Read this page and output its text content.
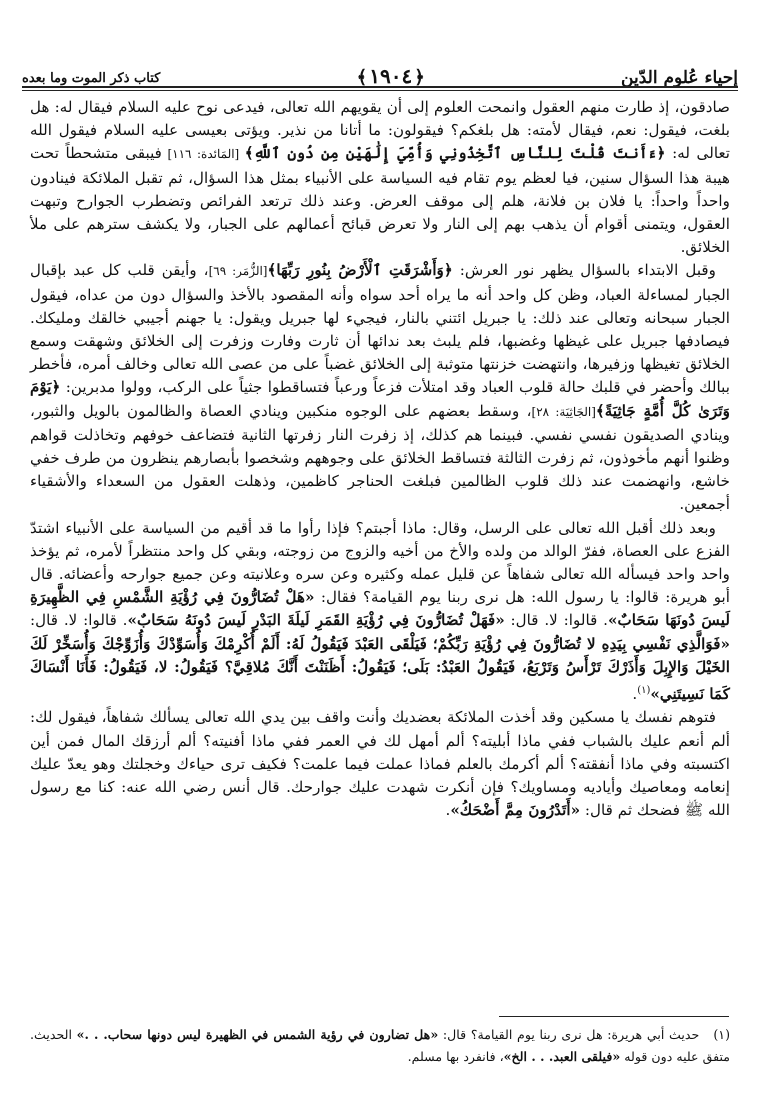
إحياء عُلوم الدّين
﴿١٩٠٤﴾
كتاب ذكر الموت وما بعده

صادقون، إذ طارت منهم العقول وانمحت العلوم إلى أن يقويهم الله تعالى، فيدعى نوح عليه السلام فيقال له: هل بلغت، فيقول: نعم، فيقال لأمته: هل بلغكم؟ فيقولون: ما أتانا من نذير. ويؤتى بعيسى عليه السلام فيقول الله تعالى له: ﴿ءَأَنتَ قُلْتَ لِلنَّاسِ ٱتَّخِذُونِي وَأُمِّيَ إِلَٰهَيْنِ مِن دُونِ ٱللَّهِ﴾ [المَائدة: ١١٦] فيبقى متشحطاً تحت هيبة هذا السؤال سنين، فيا لعظم يوم تقام فيه السياسة على الأنبياء بمثل هذا السؤال، ثم تقبل الملائكة فينادون واحداً واحداً: يا فلان بن فلانة، هلم إلى موقف العرض. وعند ذلك ترتعد الفرائص وتضطرب الجوارح وتبهت العقول، ويتمنى أقوام أن يذهب بهم إلى النار ولا تعرض قبائح أعمالهم على الجبار، ولا يكشف سترهم على ملأ الخلائق.

وقبل الابتداء بالسؤال يظهر نور العرش: ﴿وَأَشْرَقَتِ ٱلْأَرْضُ بِنُورِ رَبِّهَا﴾[الزُّمَر: ٦٩]، وأيقن قلب كل عبد بإقبال الجبار لمساءلة العباد، وظن كل واحد أنه ما يراه أحد سواه وأنه المقصود بالأخذ والسؤال دون من عداه، فيقول الجبار سبحانه وتعالى عند ذلك: يا جبريل ائتني بالنار، فيجيء لها جبريل ويقول: يا جهنم أجيبي خالقك ومليكك. فيصادفها جبريل على غيظها وغضبها، فلم يلبث بعد ندائها أن ثارت وفارت وزفرت إلى الخلائق وشهقت وسمع الخلائق تغيظها وزفيرها، وانتهضت خزنتها متوثبة إلى الخلائق غضباً على من عصى الله تعالى وخالف أمره، فأخطر ببالك وأحضر في قلبك حالة قلوب العباد وقد امتلأت فزعاً ورعباً فتساقطوا جثياً على الركب، وولوا مدبرين: ﴿يَوْمَ وَتَرَىٰ كُلَّ أُمَّةٍ جَاثِيَةً﴾[الجَاثِيَة: ٢٨]، وسقط بعضهم على الوجوه منكبين وينادي العصاة والظالمون بالويل والثبور، وينادي الصديقون نفسي نفسي. فبينما هم كذلك، إذ زفرت النار زفرتها الثانية فتضاعف خوفهم وتخاذلت قواهم وظنوا أنهم مأخوذون، ثم زفرت الثالثة فتساقط الخلائق على وجوههم وشخصوا بأبصارهم ينظرون من طرف خفي خاشع، وانهضمت عند ذلك قلوب الظالمين فبلغت الحناجر كاظمين، وذهلت العقول من السعداء والأشقياء أجمعين.

وبعد ذلك أقبل الله تعالى على الرسل، وقال: ماذا أجبتم؟ فإذا رأوا ما قد أقيم من السياسة على الأنبياء اشتدّ الفزع على العصاة، ففرّ الوالد من ولده والأخ من أخيه والزوج من زوجته، وبقي كل واحد منتظراً لأمره، ثم يؤخذ واحد واحد فيسأله الله تعالى شفاهاً عن قليل عمله وكثيره وعن سره وعلانيته وعن جميع جوارحه وأعضائه. قال أبو هريرة: قالوا: يا رسول الله: هل نرى ربنا يوم القيامة؟ فقال: «هَلْ تُضَارُّونَ فِي رُؤْيَةِ الشَّمْسِ فِي الظَّهِيرَةِ لَيسَ دُونَهَا سَحَابٌ». قالوا: لا. قال: «فَهَلْ تُضَارُّونَ فِي رُؤْيَةِ القَمَرِ لَيلَةَ البَدْرِ لَيسَ دُونَهُ سَحَابٌ». قالوا: لا. قال: «فَوَالَّذِي نَفْسِي بِيَدِهِ لا تُضَارُّونَ فِي رُؤْيَةِ رَبِّكُمْ؛ فَيَلْقَى العَبْدَ فَيَقُولُ لَهُ: أَلَمْ أُكْرِمْكَ وَأُسَوِّدْكَ وَأُزَوِّجْكَ وَأُسَخِّرْ لَكَ الخَيْلَ وَالإِبِلَ وَأَذَرْكَ تَرْأَسُ وَتَرْبَعُ، فَيَقُولُ العَبْدُ: بَلَى؛ فَيَقُولُ: أَظَنَنْتَ أَنَّكَ مُلاقِيَّ؟ فَيَقُولُ: لا، فَيَقُولُ: فَأَنَا أَنْسَاكَ كَمَا نَسِيتَنِي»$^{(١)}$.

فتوهم نفسك يا مسكين وقد أخذت الملائكة بعضديك وأنت واقف بين يدي الله تعالى يسألك شفاهاً، فيقول لك: ألم أنعم عليك بالشباب ففي ماذا أبليته؟ ألم أمهل لك في العمر ففي ماذا أفنيته؟ ألم أرزقك المال فمن أين اكتسبته وفي ماذا أنفقته؟ ألم أكرمك بالعلم فماذا عملت فيما علمت؟ فكيف ترى حياءك وخجلتك وهو يعدّ عليك إنعامه ومعاصيك وأياديه ومساويك؟ فإن أنكرت شهدت عليك جوارحك. قال أنس رضي الله عنه: كنا مع رسول الله ﷺ فضحك ثم قال: «أَتَدْرُونَ مِمَّ أَضْحَكُ».

(١)   حديث أبي هريرة: هل نرى ربنا يوم القيامة؟ قال: «هل تضارون في رؤية الشمس في الظهيرة ليس دونها سحاب. . .» الحديث. متفق عليه دون قوله «فيلقى العبد. . . الخ»، فانفرد بها مسلم.
